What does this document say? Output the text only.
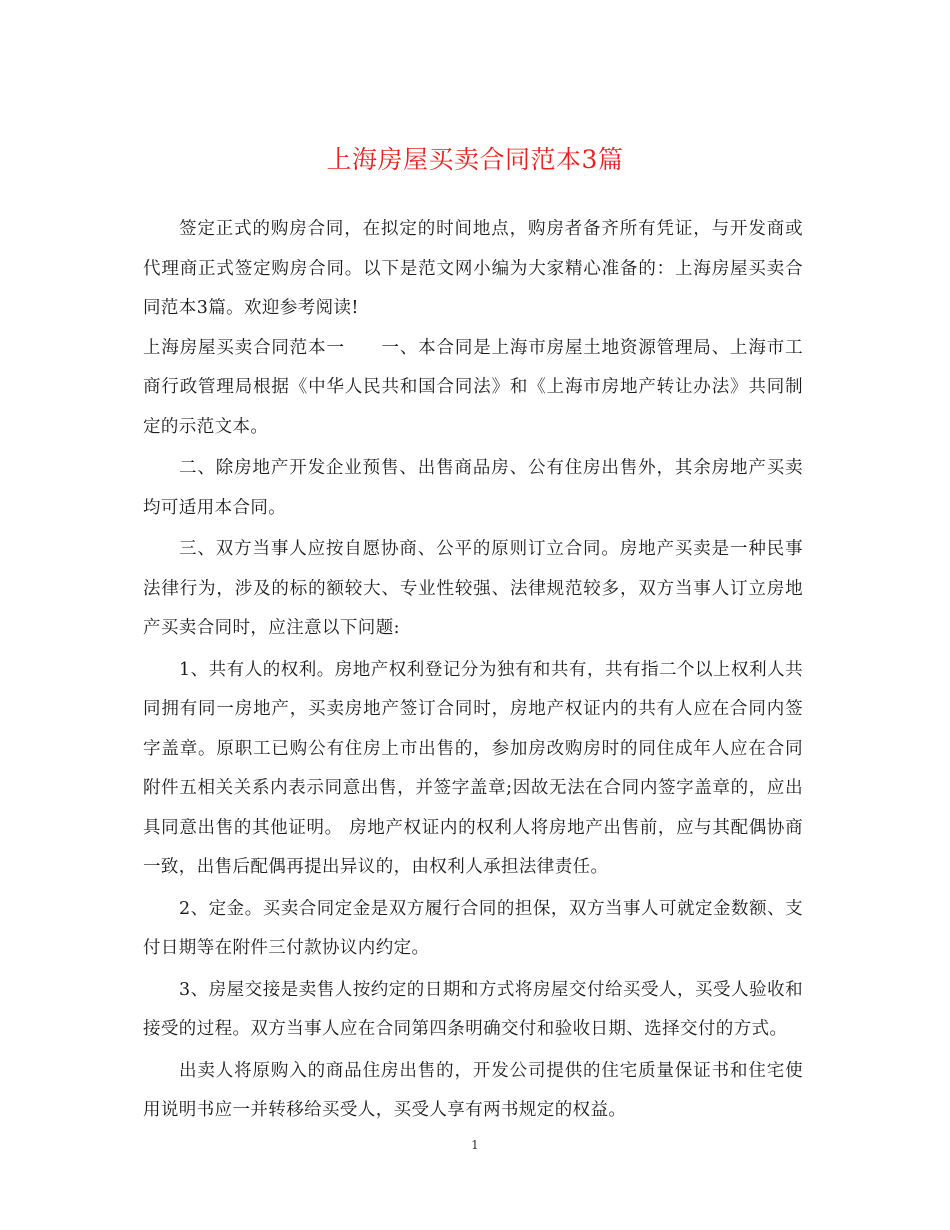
上海房屋买卖合同范本3篇

签定正式的购房合同，在拟定的时间地点，购房者备齐所有凭证，与开发商或代理商正式签定购房合同。以下是范文网小编为大家精心准备的：上海房屋买卖合同范本3篇。欢迎参考阅读!

上海房屋买卖合同范本一　　一、本合同是上海市房屋土地资源管理局、上海市工商行政管理局根据《中华人民共和国合同法》和《上海市房地产转让办法》共同制定的示范文本。

二、除房地产开发企业预售、出售商品房、公有住房出售外，其余房地产买卖均可适用本合同。

三、双方当事人应按自愿协商、公平的原则订立合同。房地产买卖是一种民事法律行为，涉及的标的额较大、专业性较强、法律规范较多，双方当事人订立房地产买卖合同时，应注意以下问题:

1、共有人的权利。房地产权利登记分为独有和共有，共有指二个以上权利人共同拥有同一房地产，买卖房地产签订合同时，房地产权证内的共有人应在合同内签字盖章。原职工已购公有住房上市出售的，参加房改购房时的同住成年人应在合同附件五相关关系内表示同意出售，并签字盖章;因故无法在合同内签字盖章的，应出具同意出售的其他证明。 房地产权证内的权利人将房地产出售前，应与其配偶协商一致，出售后配偶再提出异议的，由权利人承担法律责任。

2、定金。买卖合同定金是双方履行合同的担保，双方当事人可就定金数额、支付日期等在附件三付款协议内约定。

3、房屋交接是卖售人按约定的日期和方式将房屋交付给买受人，买受人验收和接受的过程。双方当事人应在合同第四条明确交付和验收日期、选择交付的方式。

出卖人将原购入的商品住房出售的，开发公司提供的住宅质量保证书和住宅使用说明书应一并转移给买受人，买受人享有两书规定的权益。

1
